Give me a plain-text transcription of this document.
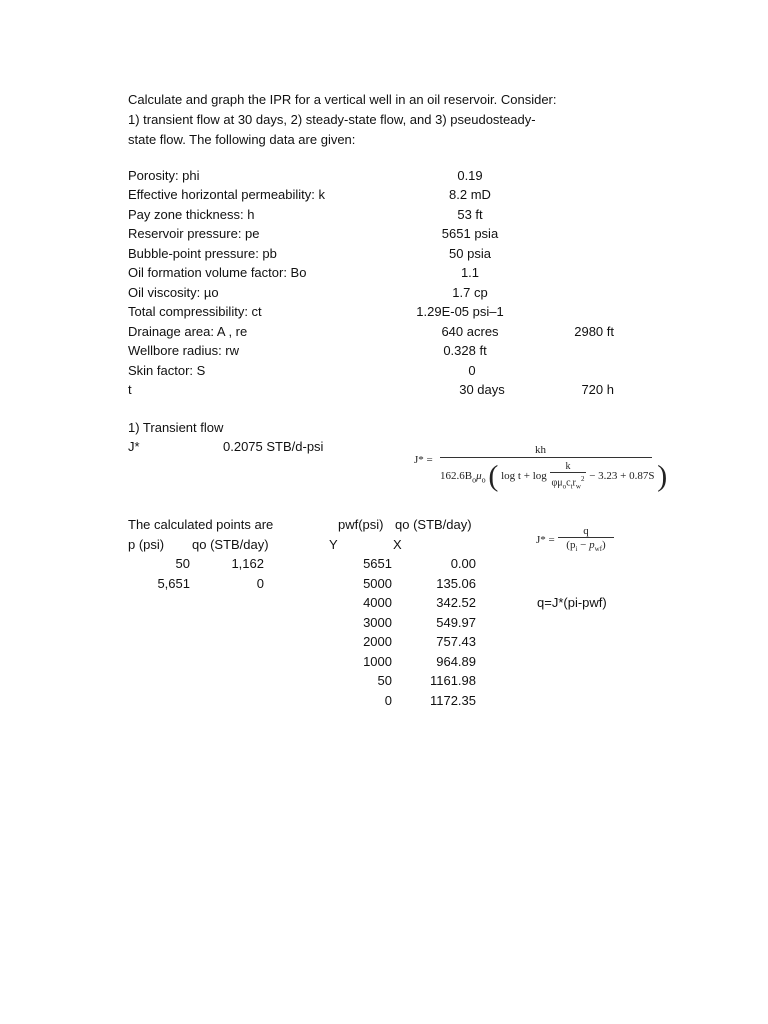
Calculate and graph the IPR for a vertical well in an oil reservoir. Consider:
1) transient flow at 30 days, 2) steady-state flow, and 3) pseudosteady-
state flow. The following data are given:
Porosity: phi	0.19
Effective horizontal permeability: k	8.2 mD
Pay zone thickness: h	53 ft
Reservoir pressure: pe	5651 psia
Bubble-point pressure: pb	50 psia
Oil formation volume factor: Bo	1.1
Oil viscosity: µo	1.7 cp
Total compressibility: ct	1.29E-05 psi–1
Drainage area: A , re	640 acres	2980 ft
Wellbore radius: rw	0.328 ft
Skin factor: S	0
t	30 days	720 h
1) Transient flow
J*	0.2075 STB/d-psi
J* =
kh
$162.6B_o\mu_o$ ( $\log t + \log \frac{k}{\varphi\mu_oc_tr_w^2} - 3.23 + 0.87S$ )
J* =
q
$(p_i - p_{wf})$
The calculated points are
p (psi) qo (STB/day)
50	1,162
5,651	0
pwf(psi) qo (STB/day)
Y	X
5651	0.00
5000	135.06
4000	342.52
3000	549.97
2000	757.43
1000	964.89
50	1161.98
0	1172.35
q=J*(pi-pwf)
